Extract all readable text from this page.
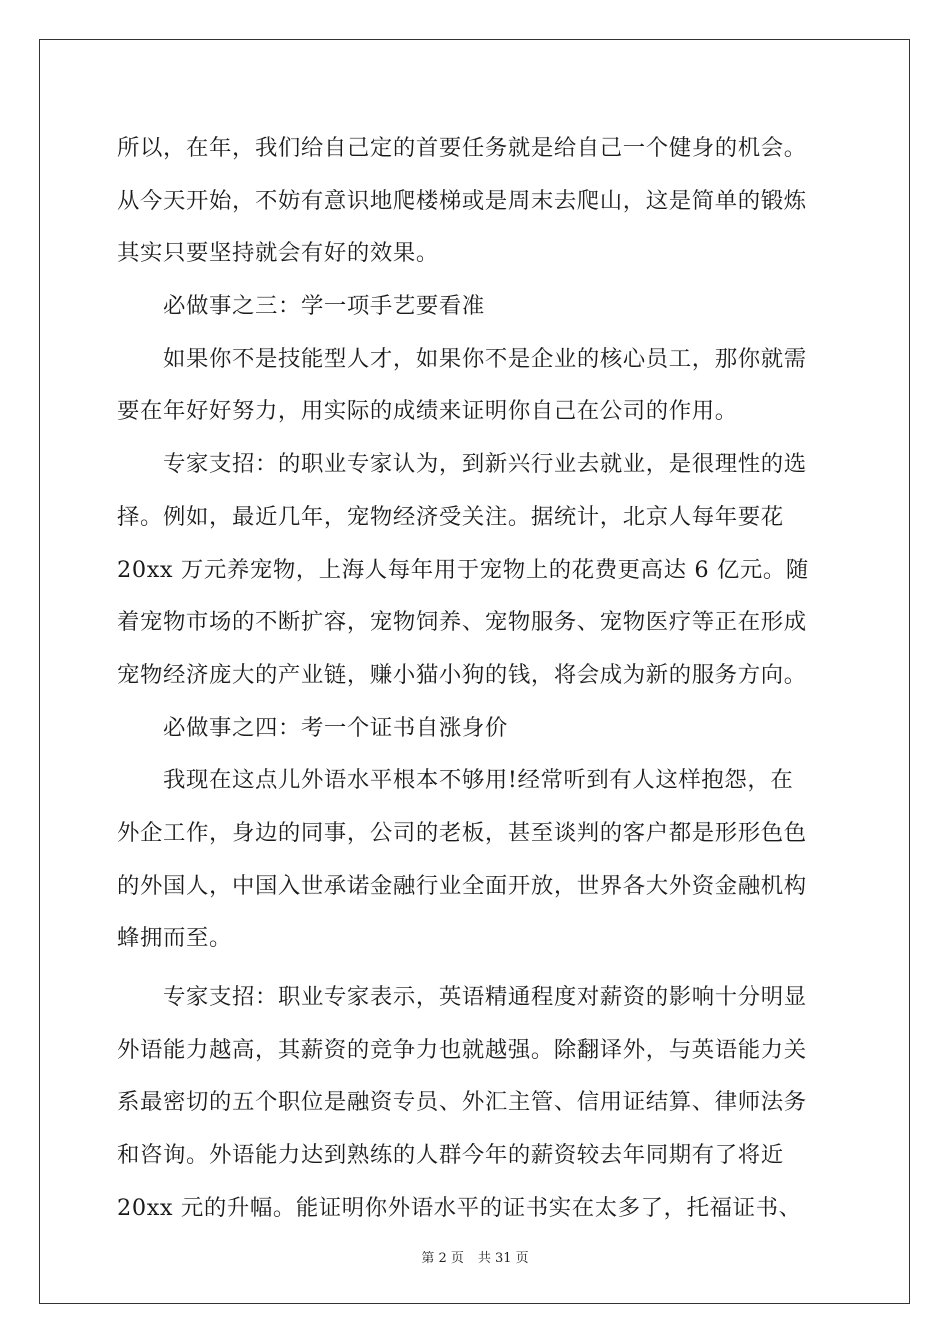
所以，在年，我们给自己定的首要任务就是给自己一个健身的机会。
从今天开始，不妨有意识地爬楼梯或是周末去爬山，这是简单的锻炼
其实只要坚持就会有好的效果。
必做事之三：学一项手艺要看准
如果你不是技能型人才，如果你不是企业的核心员工，那你就需
要在年好好努力，用实际的成绩来证明你自己在公司的作用。
专家支招：的职业专家认为，到新兴行业去就业，是很理性的选
择。例如，最近几年，宠物经济受关注。据统计，北京人每年要花
20xx 万元养宠物，上海人每年用于宠物上的花费更高达 6 亿元。随
着宠物市场的不断扩容，宠物饲养、宠物服务、宠物医疗等正在形成
宠物经济庞大的产业链，赚小猫小狗的钱，将会成为新的服务方向。
必做事之四：考一个证书自涨身价
我现在这点儿外语水平根本不够用!经常听到有人这样抱怨，在
外企工作，身边的同事，公司的老板，甚至谈判的客户都是形形色色
的外国人，中国入世承诺金融行业全面开放，世界各大外资金融机构
蜂拥而至。
专家支招：职业专家表示，英语精通程度对薪资的影响十分明显
外语能力越高，其薪资的竞争力也就越强。除翻译外，与英语能力关
系最密切的五个职位是融资专员、外汇主管、信用证结算、律师法务
和咨询。外语能力达到熟练的人群今年的薪资较去年同期有了将近
20xx 元的升幅。能证明你外语水平的证书实在太多了，托福证书、
第 2 页 共 31 页
